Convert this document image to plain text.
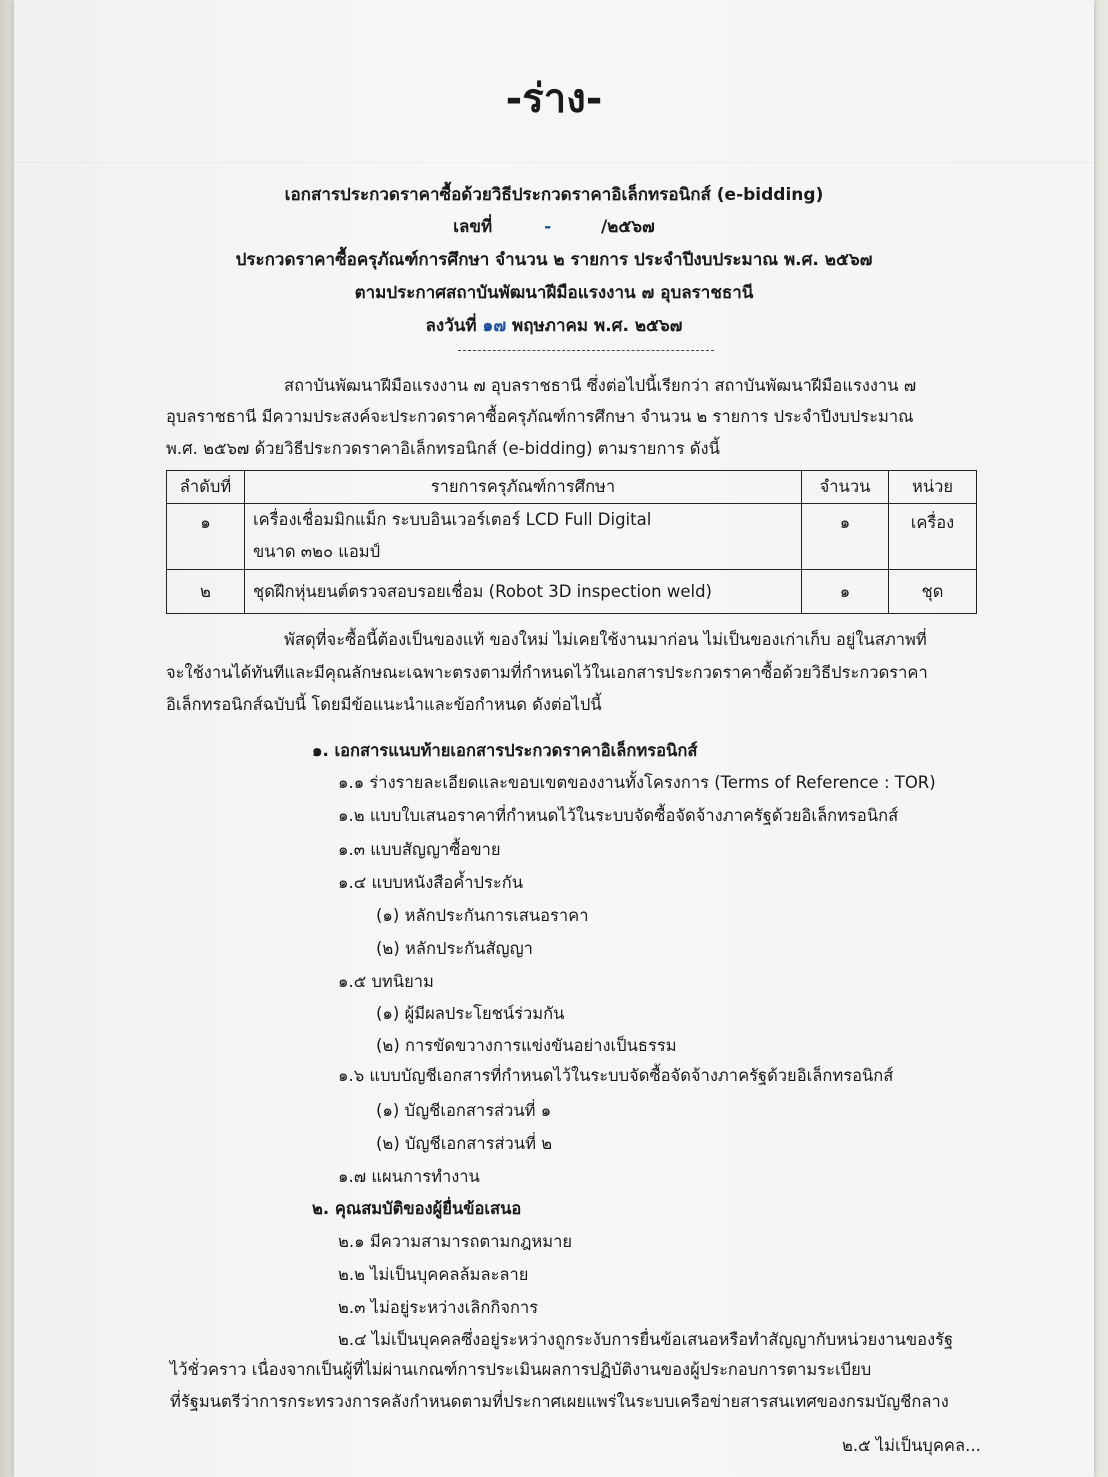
-ร่าง-
เอกสารประกวดราคาซื้อด้วยวิธีประกวดราคาอิเล็กทรอนิกส์ (e-bidding)
เลขที่	-	/๒๕๖๗
ประกวดราคาซื้อครุภัณฑ์การศึกษา จำนวน ๒ รายการ ประจำปีงบประมาณ พ.ศ. ๒๕๖๗
ตามประกาศสถาบันพัฒนาฝีมือแรงงาน ๗ อุบลราชธานี
ลงวันที่ ๑๗ พฤษภาคม พ.ศ. ๒๕๖๗
สถาบันพัฒนาฝีมือแรงงาน ๗ อุบลราชธานี ซึ่งต่อไปนี้เรียกว่า สถาบันพัฒนาฝีมือแรงงาน ๗
อุบลราชธานี มีความประสงค์จะประกวดราคาซื้อครุภัณฑ์การศึกษา จำนวน ๒ รายการ ประจำปีงบประมาณ
พ.ศ. ๒๕๖๗ ด้วยวิธีประกวดราคาอิเล็กทรอนิกส์ (e-bidding) ตามรายการ ดังนี้
ลำดับที่	รายการครุภัณฑ์การศึกษา	จำนวน	หน่วย
๑	เครื่องเชื่อมมิกแม็ก ระบบอินเวอร์เตอร์ LCD Full Digital
ขนาด ๓๒๐ แอมป์	๑	เครื่อง
๒	ชุดฝึกหุ่นยนต์ตรวจสอบรอยเชื่อม (Robot 3D inspection weld)	๑	ชุด
พัสดุที่จะซื้อนี้ต้องเป็นของแท้ ของใหม่ ไม่เคยใช้งานมาก่อน ไม่เป็นของเก่าเก็บ อยู่ในสภาพที่
จะใช้งานได้ทันทีและมีคุณลักษณะเฉพาะตรงตามที่กำหนดไว้ในเอกสารประกวดราคาซื้อด้วยวิธีประกวดราคา
อิเล็กทรอนิกส์ฉบับนี้ โดยมีข้อแนะนำและข้อกำหนด ดังต่อไปนี้
๑. เอกสารแนบท้ายเอกสารประกวดราคาอิเล็กทรอนิกส์
๑.๑ ร่างรายละเอียดและขอบเขตของงานทั้งโครงการ (Terms of Reference : TOR)
๑.๒ แบบใบเสนอราคาที่กำหนดไว้ในระบบจัดซื้อจัดจ้างภาครัฐด้วยอิเล็กทรอนิกส์
๑.๓ แบบสัญญาซื้อขาย
๑.๔ แบบหนังสือค้ำประกัน
(๑) หลักประกันการเสนอราคา
(๒) หลักประกันสัญญา
๑.๕ บทนิยาม
(๑) ผู้มีผลประโยชน์ร่วมกัน
(๒) การขัดขวางการแข่งขันอย่างเป็นธรรม
๑.๖ แบบบัญชีเอกสารที่กำหนดไว้ในระบบจัดซื้อจัดจ้างภาครัฐด้วยอิเล็กทรอนิกส์
(๑) บัญชีเอกสารส่วนที่ ๑
(๒) บัญชีเอกสารส่วนที่ ๒
๑.๗ แผนการทำงาน
๒. คุณสมบัติของผู้ยื่นข้อเสนอ
๒.๑ มีความสามารถตามกฎหมาย
๒.๒ ไม่เป็นบุคคลล้มละลาย
๒.๓ ไม่อยู่ระหว่างเลิกกิจการ
๒.๔ ไม่เป็นบุคคลซึ่งอยู่ระหว่างถูกระงับการยื่นข้อเสนอหรือทำสัญญากับหน่วยงานของรัฐ
ไว้ชั่วคราว เนื่องจากเป็นผู้ที่ไม่ผ่านเกณฑ์การประเมินผลการปฏิบัติงานของผู้ประกอบการตามระเบียบ
ที่รัฐมนตรีว่าการกระทรวงการคลังกำหนดตามที่ประกาศเผยแพร่ในระบบเครือข่ายสารสนเทศของกรมบัญชีกลาง
๒.๕ ไม่เป็นบุคคล...
